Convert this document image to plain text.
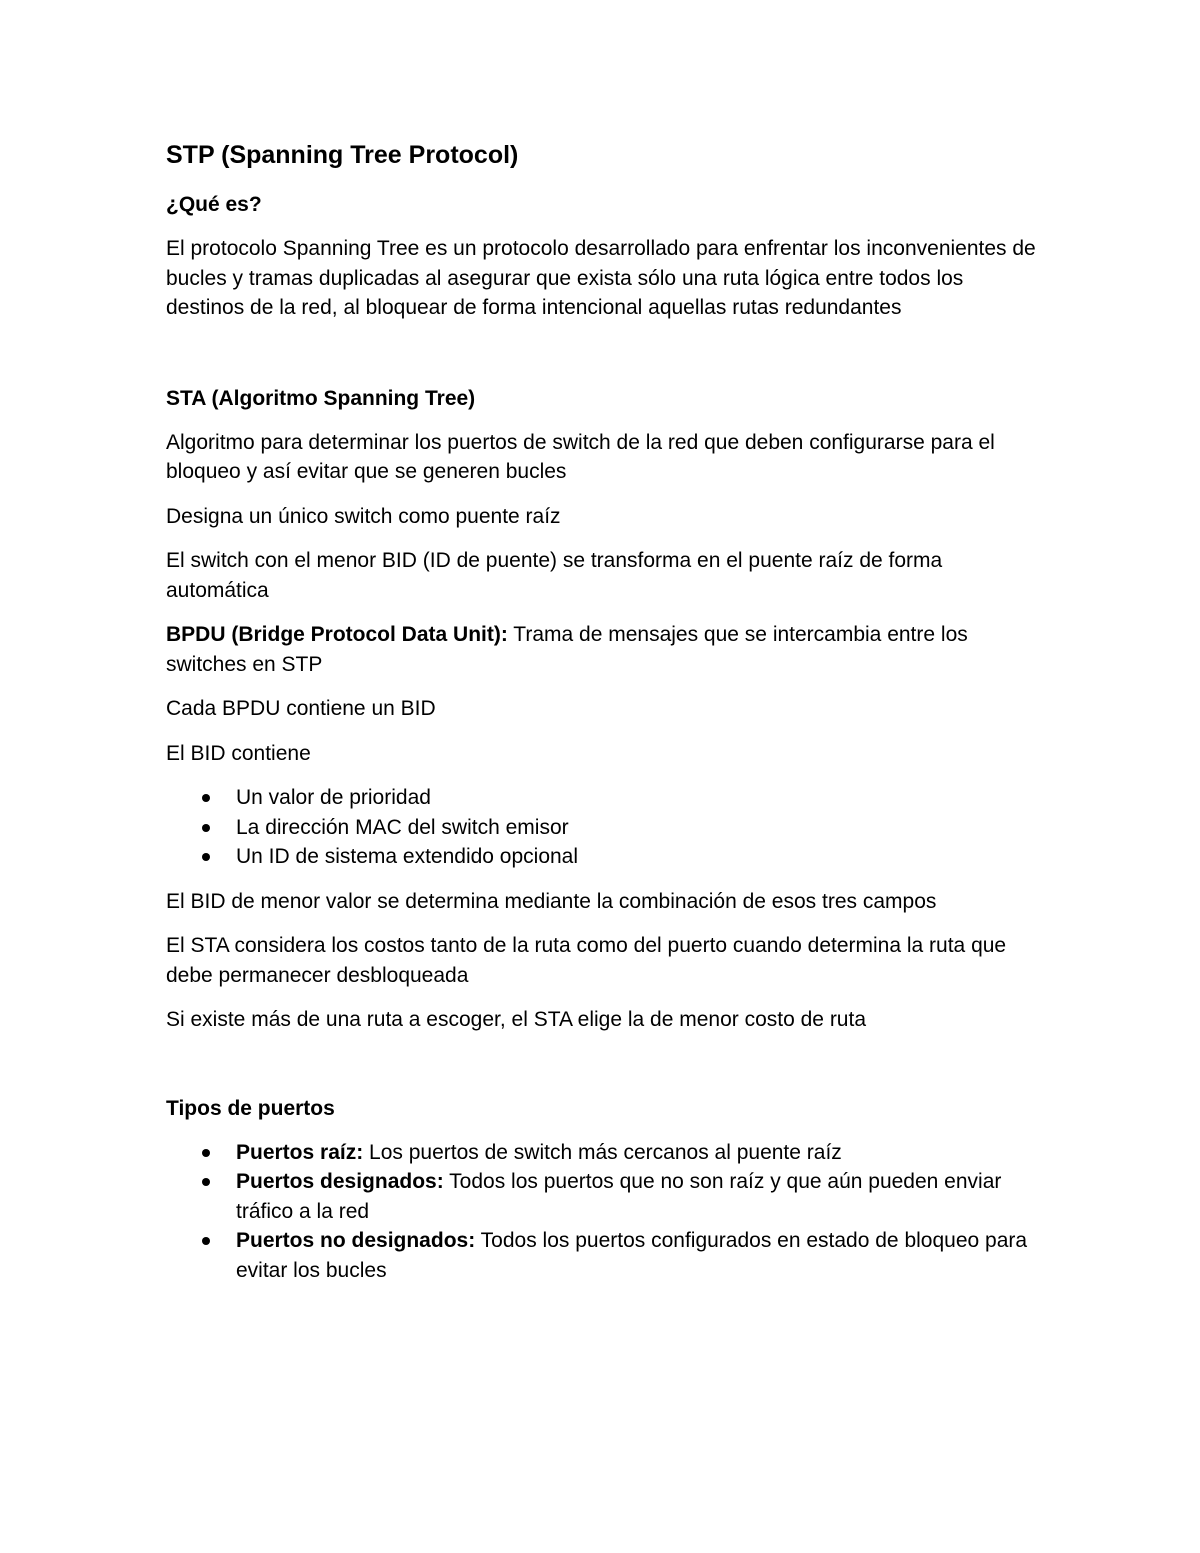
STP (Spanning Tree Protocol)
¿Qué es?

El protocolo Spanning Tree es un protocolo desarrollado para enfrentar los inconvenientes de bucles y tramas duplicadas al asegurar que exista sólo una ruta lógica entre todos los destinos de la red, al bloquear de forma intencional aquellas rutas redundantes

STA (Algoritmo Spanning Tree)

Algoritmo para determinar los puertos de switch de la red que deben configurarse para el bloqueo y así evitar que se generen bucles

Designa un único switch como puente raíz

El switch con el menor BID (ID de puente) se transforma en el puente raíz de forma automática

BPDU (Bridge Protocol Data Unit): Trama de mensajes que se intercambia entre los switches en STP

Cada BPDU contiene un BID

El BID contiene

Un valor de prioridad
La dirección MAC del switch emisor
Un ID de sistema extendido opcional

El BID de menor valor se determina mediante la combinación de esos tres campos

El STA considera los costos tanto de la ruta como del puerto cuando determina la ruta que debe permanecer desbloqueada

Si existe más de una ruta a escoger, el STA elige la de menor costo de ruta

Tipos de puertos
Puertos raíz: Los puertos de switch más cercanos al puente raíz
Puertos designados: Todos los puertos que no son raíz y que aún pueden enviar tráfico a la red
Puertos no designados: Todos los puertos configurados en estado de bloqueo para evitar los bucles
